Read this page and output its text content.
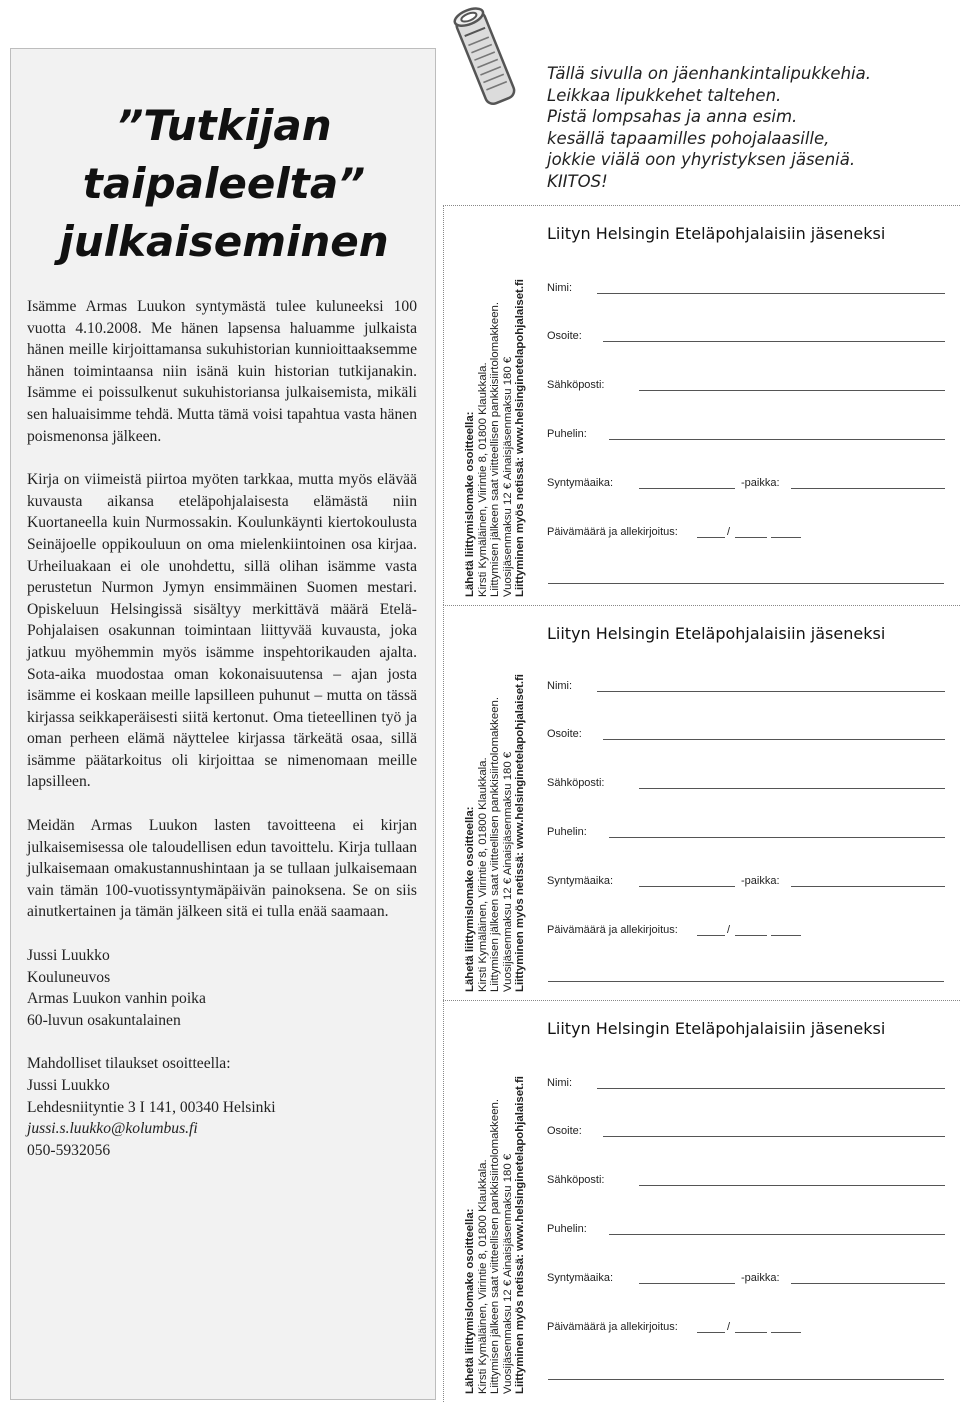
”Tutkijan
taipaleelta”
julkaiseminen

Isämme Armas Luukon syntymästä tulee kuluneeksi 100 vuotta 4.10.2008. Me hänen lapsensa haluamme julkaista hänen meille kirjoittamansa sukuhistorian kunnioittaaksemme hänen toimintaansa niin isänä kuin historian tutkijanakin. Isämme ei poissulkenut sukuhistoriansa julkaisemista, mikäli sen haluaisimme tehdä. Mutta tämä voisi tapahtua vasta hänen poismenonsa jälkeen.

Kirja on viimeistä piirtoa myöten tarkkaa, mutta myös elävää kuvausta aikansa eteläpohjalaisesta elämästä niin Kuortaneella kuin Nurmossakin. Koulunkäynti kiertokoulusta Seinäjoelle oppikouluun on oma mielenkiintoinen osa kirjaa. Urheiluakaan ei ole unohdettu, sillä olihan isämme vasta perustetun Nurmon Jymyn ensimmäinen Suomen mestari. Opiskeluun Helsingissä sisältyy merkittävä määrä Etelä-Pohjalaisen osakunnan toimintaan liittyvää kuvausta, joka jatkuu myöhemmin myös isämme inspehtorikauden ajalta. Sota-aika muodostaa oman kokonaisuutensa – ajan josta isämme ei koskaan meille lapsilleen puhunut – mutta on tässä kirjassa seikkaperäisesti siitä kertonut. Oma tieteellinen työ ja oman perheen elämä näyttelee kirjassa tärkeätä osaa, sillä isämme päätarkoitus oli kirjoittaa se nimenomaan meille lapsilleen.

Meidän Armas Luukon lasten tavoitteena ei kirjan julkaisemisessa ole taloudellisen edun tavoittelu. Kirja tullaan julkaisemaan omakustannushintaan ja se tullaan julkaisemaan vain tämän 100-vuotissyntymäpäivän painoksena. Se on siis ainutkertainen ja tämän jälkeen sitä ei tulla enää saamaan.

Jussi Luukko
Kouluneuvos
Armas Luukon vanhin poika
60-luvun osakuntalainen

Mahdolliset tilaukset osoitteella:
Jussi Luukko
Lehdesniityntie 3 I 141, 00340 Helsinki
jussi.s.luukko@kolumbus.fi
050-5932056
Tällä sivulla on jäenhankintalipukkehia.
Leikkaa lipukkehet taltehen.
Pistä lompsahas ja anna esim.
kesällä tapaamilles pohojalaasille,
jokkie viälä oon yhyristyksen jäseniä.
KIITOS!
Lähetä liittymislomake osoitteella: Kirsti Kymäläinen, Viirintie 8, 01800 Klaukkala. Liittymisen jälkeen saat viitteellisen pankkisiirtolomakkeen. Vuosijäsenmaksu 12 € Ainaisjäsenmaksu 180 € Liittyminen myös netissä: www.helsinginetelapohjalaiset.fi
Liityn Helsingin Eteläpohjalaisiin jäseneksi
Nimi:
Osoite:
Sähköposti:
Puhelin:
Syntymäaika:	-paikka:
Päivämäärä ja allekirjoitus:	/
Lähetä liittymislomake osoitteella: Kirsti Kymäläinen, Viirintie 8, 01800 Klaukkala. Liittymisen jälkeen saat viitteellisen pankkisiirtolomakkeen. Vuosijäsenmaksu 12 € Ainaisjäsenmaksu 180 € Liittyminen myös netissä: www.helsinginetelapohjalaiset.fi
Liityn Helsingin Eteläpohjalaisiin jäseneksi
Nimi:
Osoite:
Sähköposti:
Puhelin:
Syntymäaika:	-paikka:
Päivämäärä ja allekirjoitus:	/
Lähetä liittymislomake osoitteella: Kirsti Kymäläinen, Viirintie 8, 01800 Klaukkala. Liittymisen jälkeen saat viitteellisen pankkisiirtolomakkeen. Vuosijäsenmaksu 12 € Ainaisjäsenmaksu 180 € Liittyminen myös netissä: www.helsinginetelapohjalaiset.fi
Liityn Helsingin Eteläpohjalaisiin jäseneksi
Nimi:
Osoite:
Sähköposti:
Puhelin:
Syntymäaika:	-paikka:
Päivämäärä ja allekirjoitus:	/
